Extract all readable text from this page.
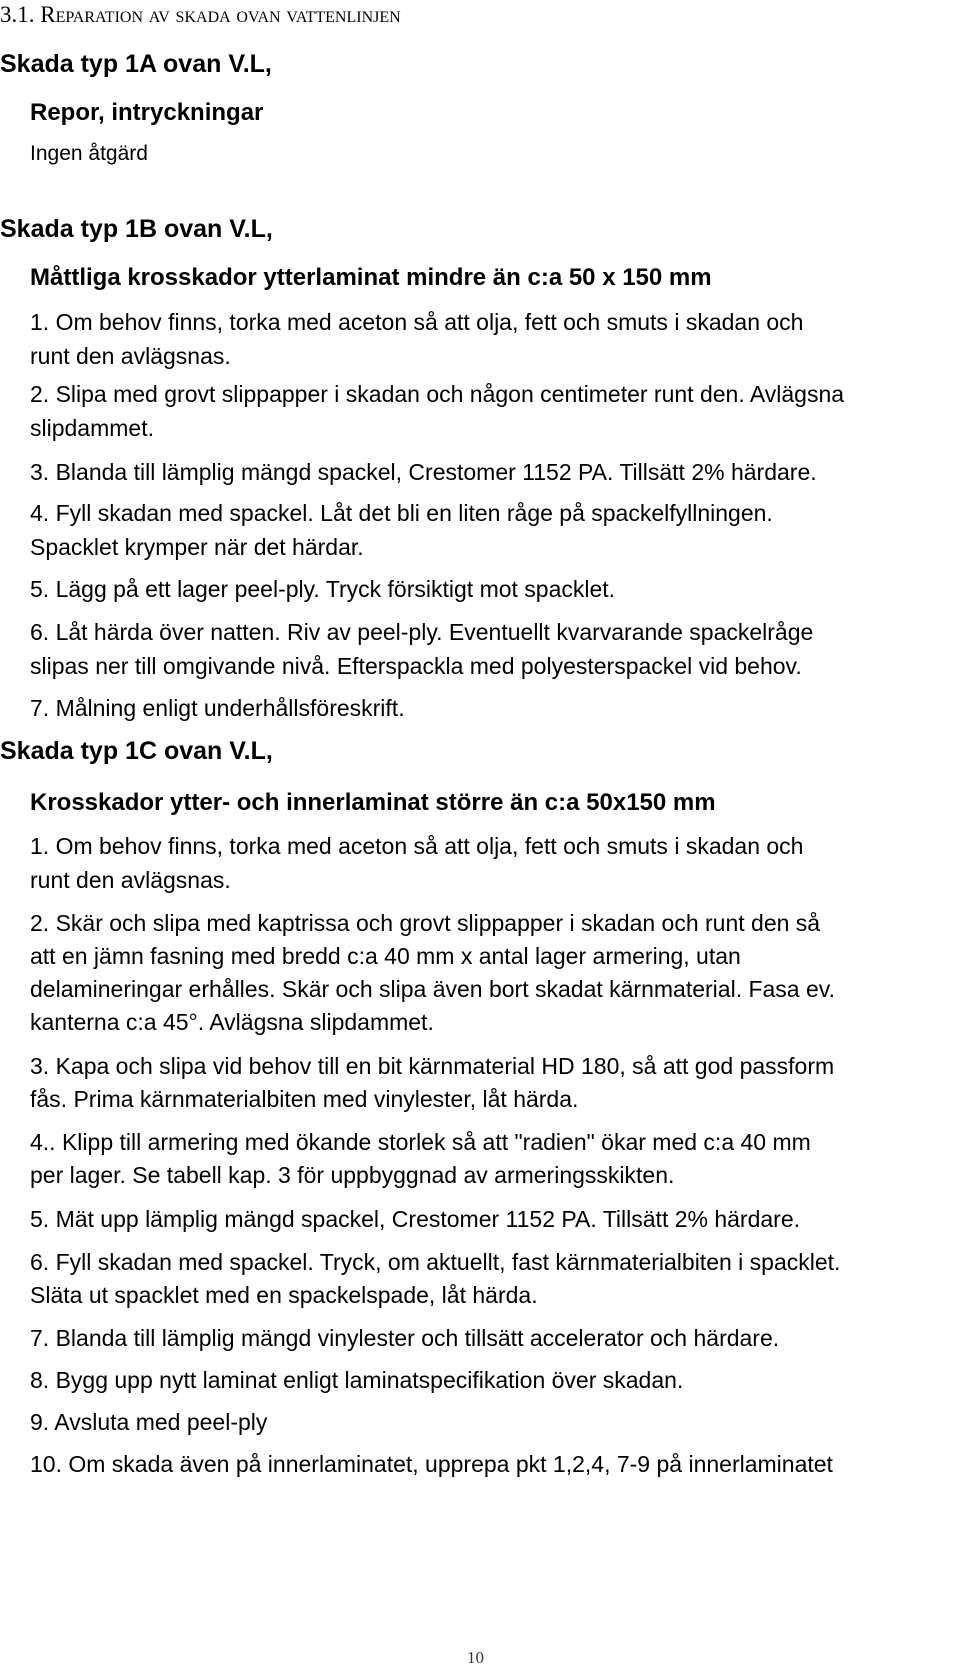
3.1. Reparation av skada ovan vattenlinjen
Skada typ 1A ovan V.L,
Repor, intryckningar
Ingen åtgärd
Skada typ 1B ovan V.L,
Måttliga krosskador ytterlaminat mindre än c:a 50 x 150 mm
1. Om behov finns, torka med aceton så att olja, fett och smuts i skadan och
runt den avlägsnas.
2. Slipa med grovt slippapper i skadan och någon centimeter runt den. Avlägsna
slipdammet.
3. Blanda till lämplig mängd spackel, Crestomer 1152 PA. Tillsätt 2% härdare.
4. Fyll skadan med spackel. Låt det bli en liten råge på spackelfyllningen.
Spacklet krymper när det härdar.
5. Lägg på ett lager peel-ply. Tryck försiktigt mot spacklet.
6. Låt härda över natten. Riv av peel-ply. Eventuellt kvarvarande spackelråge
slipas ner till omgivande nivå. Efterspackla med polyesterspackel vid behov.
7. Målning enligt underhållsföreskrift.
Skada typ 1C ovan V.L,
Krosskador ytter- och innerlaminat större än c:a 50x150 mm
1. Om behov finns, torka med aceton så att olja, fett och smuts i skadan och
runt den avlägsnas.
2. Skär och slipa med kaptrissa och grovt slippapper i skadan och runt den så
att en jämn fasning med bredd c:a 40 mm x antal lager armering, utan
delamineringar erhålles. Skär och slipa även bort skadat kärnmaterial. Fasa ev.
kanterna c:a 45°. Avlägsna slipdammet.
3. Kapa och slipa vid behov till en bit kärnmaterial HD 180, så att god passform
fås. Prima kärnmaterialbiten med vinylester, låt härda.
4.. Klipp till armering med ökande storlek så att "radien" ökar med c:a 40 mm
per lager. Se tabell kap. 3 för uppbyggnad av armeringsskikten.
5. Mät upp lämplig mängd spackel, Crestomer 1152 PA. Tillsätt 2% härdare.
6. Fyll skadan med spackel. Tryck, om aktuellt, fast kärnmaterialbiten i spacklet.
Släta ut spacklet med en spackelspade, låt härda.
7. Blanda till lämplig mängd vinylester och tillsätt accelerator och härdare.
8. Bygg upp nytt laminat enligt laminatspecifikation över skadan.
9. Avsluta med peel-ply
10. Om skada även på innerlaminatet, upprepa pkt 1,2,4, 7-9 på innerlaminatet
10
